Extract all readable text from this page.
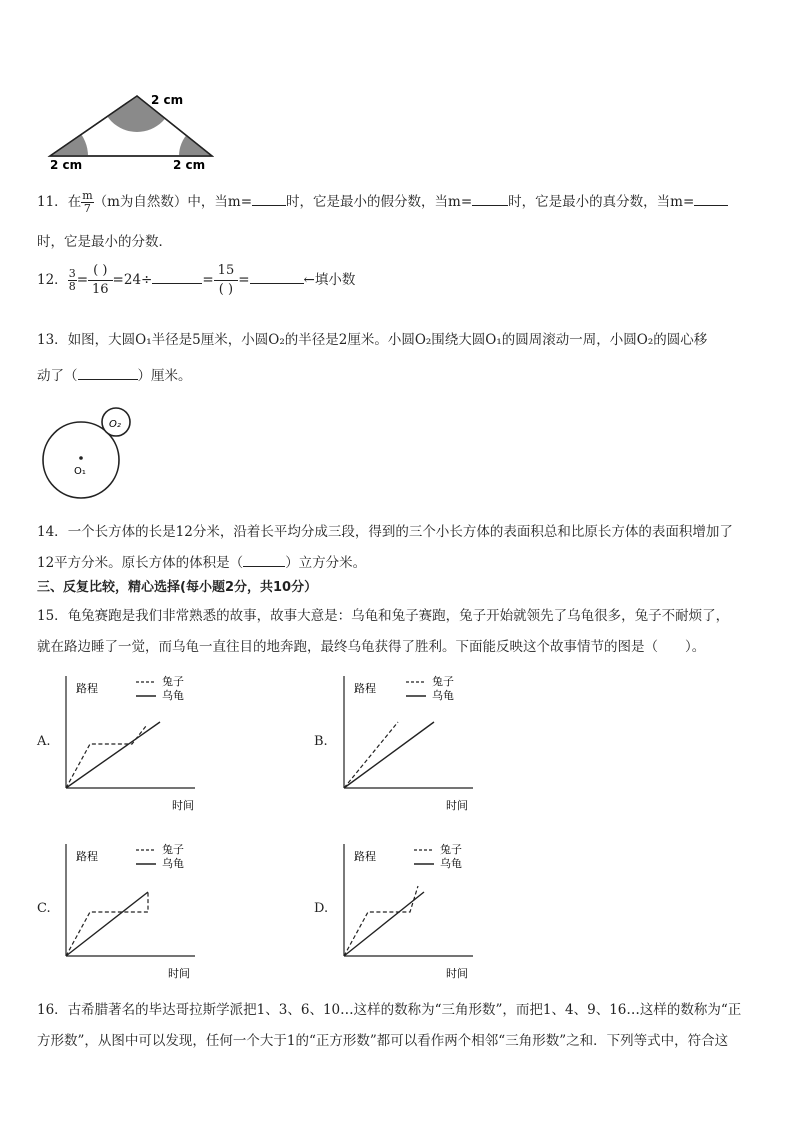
2 cm
2 cm	2 cm
11．在 $\frac{m}{7} (m$为自然数）中，当m=	时，它是最小的假分数，当m=	时，它是最小的真分数，当m=
时，它是最小的分数．
12． $\frac{3}{8} = \frac{( )}{16} =24\div$	= $\frac{15}{( )}$ =	←填小数
13．如图，大圆O₁半径是5厘米，小圆O₂的半径是2厘米。小圆O₂围绕大圆O₁的圆周滚动一周，小圆O₂的圆心移
动了（	）厘米。
O₁
O₂
14．一个长方体的长是12分米，沿着长平均分成三段，得到的三个小长方体的表面积总和比原长方体的表面积增加了
12平方分米。原长方体的体积是（	）立方分米。
三、反复比较，精心选择(每小题2分，共10分）
15．龟兔赛跑是我们非常熟悉的故事，故事大意是：乌龟和兔子赛跑，兔子开始就领先了乌龟很多，兔子不耐烦了，
就在路边睡了一觉，而乌龟一直往目的地奔跑，最终乌龟获得了胜利。下面能反映这个故事情节的图是（　　）。
A.
路程
兔子
乌龟
时间
B.
路程
兔子
乌龟
时间
C.
路程
兔子
乌龟
时间
D.
路程
兔子
乌龟
时间
16．古希腊著名的毕达哥拉斯学派把1、3、6、10…这样的数称为“三角形数”，而把1、4、9、16…这样的数称为“正
方形数”，从图中可以发现，任何一个大于1的“正方形数”都可以看作两个相邻“三角形数”之和．下列等式中，符合这
